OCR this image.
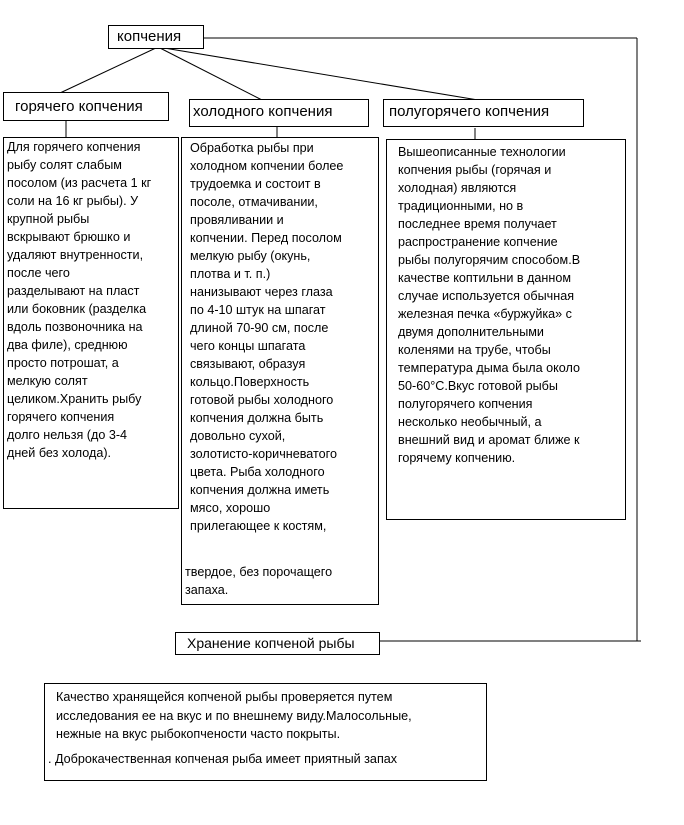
копчения
горячего копчения
Для горячего копчения
рыбу солят слабым
посолом (из расчета 1 кг
соли на 16 кг рыбы). У
крупной рыбы
вскрывают брюшко и
удаляют внутренности,
после чего
разделывают на пласт
или боковник (разделка
вдоль позвоночника на
два филе), среднюю
просто потрошат, а
мелкую солят
целиком.Хранить рыбу
горячего копчения
долго нельзя (до 3-4
дней без холода).
холодного копчения
Обработка рыбы при
холодном копчении более
трудоемка и состоит в
посоле, отмачивании,
провяливании и
копчении. Перед посолом
мелкую рыбу (окунь,
плотва и т. п.)
нанизывают через глаза
по 4-10 штук на шпагат
длиной 70-90 см, после
чего концы шпагата
связывают, образуя
кольцо.Поверхность
готовой рыбы холодного
копчения должна быть
довольно сухой,
золотисто-коричневатого
цвета. Рыба холодного
копчения должна иметь
мясо, хорошо
прилегающее к костям,
твердое, без порочащего
запаха.
полугорячего копчения
Вышеописанные технологии
копчения рыбы (горячая и
холодная) являются
традиционными, но в
последнее время получает
распространение копчение
рыбы полугорячим способом.В
качестве коптильни в данном
случае используется обычная
железная печка «буржуйка» с
двумя дополнительными
коленями на трубе, чтобы
температура дыма была около
50-60°С.Вкус готовой рыбы
полугорячего копчения
несколько необычный, а
внешний вид и аромат ближе к
горячему копчению.
Хранение копченой рыбы
Качество хранящейся копченой рыбы проверяется путем
исследования ее на вкус и по внешнему виду.Малосольные,
нежные на вкус рыбокопчености часто покрыты.
. Доброкачественная копченая рыба имеет приятный запах
